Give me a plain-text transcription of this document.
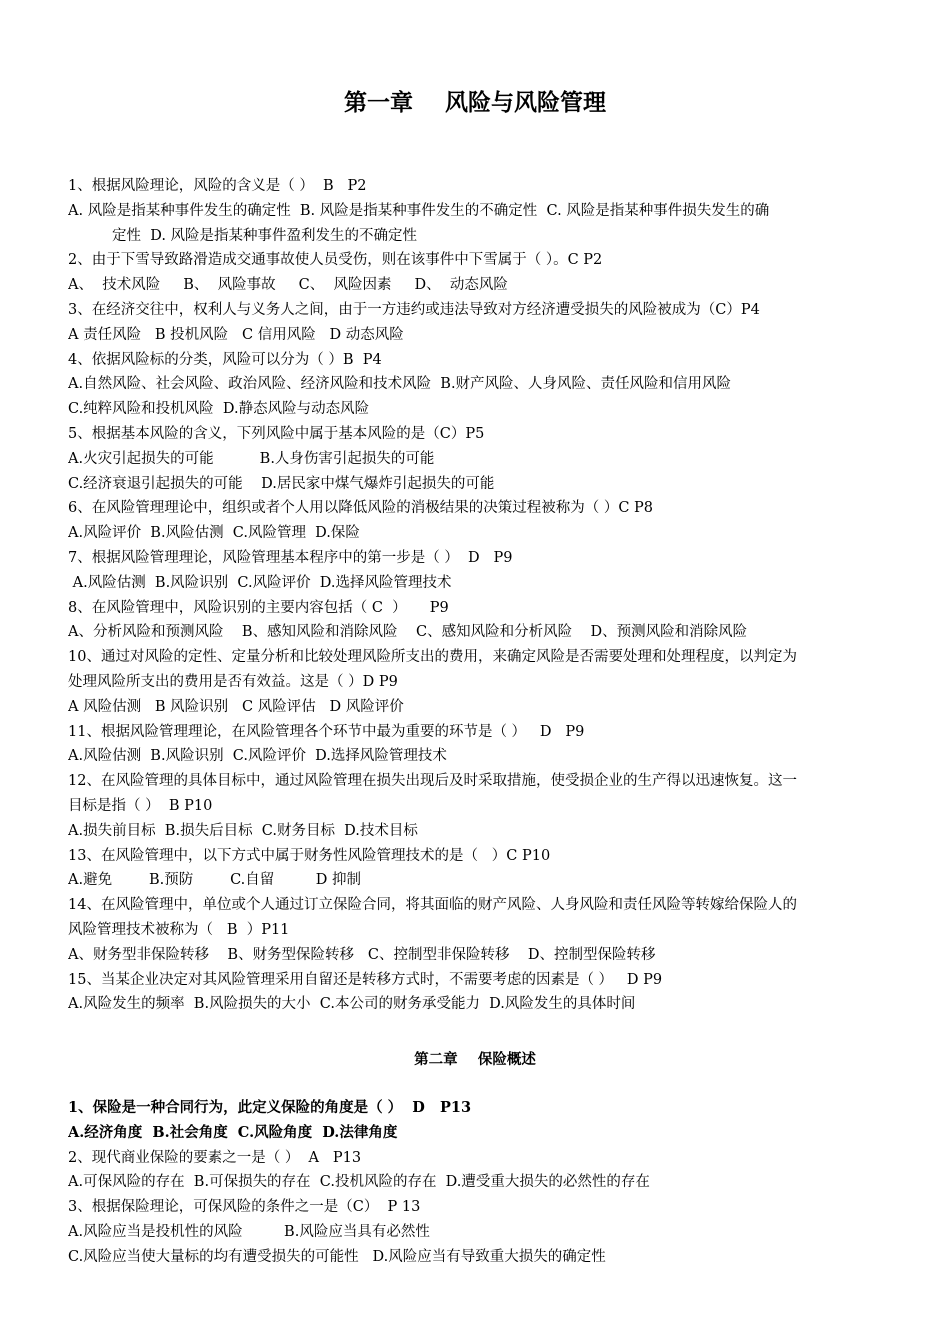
第一章    风险与风险管理
1、根据风险理论，风险的含义是（ ）  B   P2
A. 风险是指某种事件发生的确定性  B. 风险是指某种事件发生的不确定性  C. 风险是指某种事件损失发生的确
定性  D. 风险是指某种事件盈利发生的不确定性
2、由于下雪导致路滑造成交通事故使人员受伤，则在该事件中下雪属于（ ）。C P2
A、  技术风险     B、  风险事故     C、  风险因素     D、  动态风险
3、在经济交往中，权利人与义务人之间，由于一方违约或违法导致对方经济遭受损失的风险被成为（C）P4
A 责任风险   B 投机风险   C 信用风险   D 动态风险
4、依据风险标的分类，风险可以分为（ ）B  P4
A.自然风险、社会风险、政治风险、经济风险和技术风险  B.财产风险、人身风险、责任风险和信用风险
C.纯粹风险和投机风险  D.静态风险与动态风险
5、根据基本风险的含义，下列风险中属于基本风险的是（C）P5
A.火灾引起损失的可能          B.人身伤害引起损失的可能
C.经济衰退引起损失的可能    D.居民家中煤气爆炸引起损失的可能
6、在风险管理理论中，组织或者个人用以降低风险的消极结果的决策过程被称为（ ）C P8
A.风险评价  B.风险估测  C.风险管理  D.保险
7、根据风险管理理论，风险管理基本程序中的第一步是（ ）  D   P9
A.风险估测  B.风险识别  C.风险评价  D.选择风险管理技术
8、在风险管理中，风险识别的主要内容包括（ C  ）     P9
A、分析风险和预测风险    B、感知风险和消除风险    C、感知风险和分析风险    D、预测风险和消除风险
10、通过对风险的定性、定量分析和比较处理风险所支出的费用，来确定风险是否需要处理和处理程度，以判定为
处理风险所支出的费用是否有效益。这是（ ）D P9
A 风险估测   B 风险识别   C 风险评估   D 风险评价
11、根据风险管理理论，在风险管理各个环节中最为重要的环节是（ ）   D   P9
A.风险估测  B.风险识别  C.风险评价  D.选择风险管理技术
12、在风险管理的具体目标中，通过风险管理在损失出现后及时采取措施，使受损企业的生产得以迅速恢复。这一
目标是指（ ）  B P10
A.损失前目标  B.损失后目标  C.财务目标  D.技术目标
13、在风险管理中，以下方式中属于财务性风险管理技术的是（   ）C P10
A.避免        B.预防        C.自留         D 抑制
14、在风险管理中，单位或个人通过订立保险合同，将其面临的财产风险、人身风险和责任风险等转嫁给保险人的
风险管理技术被称为（   B  ）P11
A、财务型非保险转移    B、财务型保险转移   C、控制型非保险转移    D、控制型保险转移
15、当某企业决定对其风险管理采用自留还是转移方式时，不需要考虑的因素是（ ）   D P9
A.风险发生的频率  B.风险损失的大小  C.本公司的财务承受能力  D.风险发生的具体时间
第二章    保险概述
1、保险是一种合同行为，此定义保险的角度是（ ）  D   P13
A.经济角度  B.社会角度  C.风险角度  D.法律角度
2、现代商业保险的要素之一是（ ）  A   P13
A.可保风险的存在  B.可保损失的存在  C.投机风险的存在  D.遭受重大损失的必然性的存在
3、根据保险理论，可保风险的条件之一是（C）  P 13
A.风险应当是投机性的风险         B.风险应当具有必然性
C.风险应当使大量标的均有遭受损失的可能性   D.风险应当有导致重大损失的确定性
